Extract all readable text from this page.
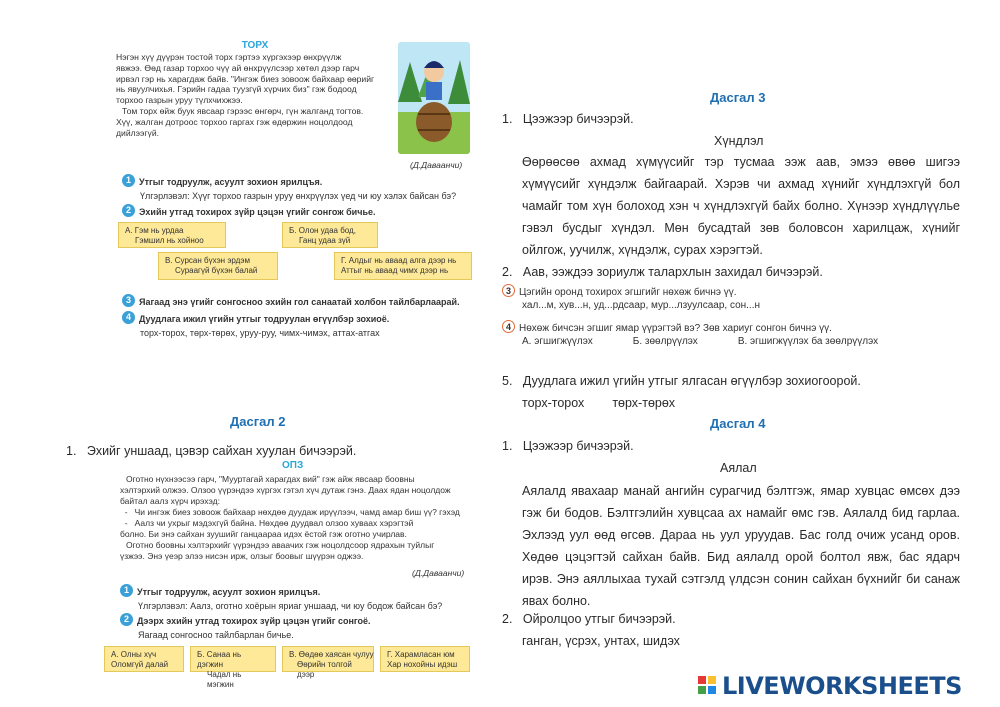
ТОРХ
Нэгэн хүү дүүрэн тостой торх гэртээ хүргэхээр өнхрүүлж
явжээ. Өөд газар торхоо чүү ай өнхрүүлсээр хөтөл дээр гарч
ирвэл гэр нь харагдаж байв. "Ингэж биез зовоож байхаар өөрийг
нь явуулчихья. Гэрийн гадаа туузгүй хүрчих биз" гэж бодоод
торхоо газрын уруу түлхчихжээ.
Том торх өйж буук явсаар гэрээс өнгөрч, гүн жалганд тогтов.
Хүү, жалган дотроос торхоо гаргах гэж өдөржин ноцолдоод
дийлээгүй.
(Д.Даваанчи)
1 Утгыг тодруулж, асуулт зохион ярилцъя.
Үлгэрлэвэл: Хүүг торхоо газрын уруу өнхрүүлэх үед чи юу хэлэх байсан бэ?
2 Эхийн утгад тохирох зүйр цэцэн үгийг сонгож бичье.
А. Гэм нь урдаа
Гэмшил нь хойноо
Б. Олон удаа бод,
Ганц удаа зүй
В. Сурсан бүхэн эрдэм
Сураагүй бүхэн балай
Г. Алдыг нь аваад алга дээр нь
Аттыг нь аваад чимх дээр нь
3 Яагаад энэ үгийг сонгосноо эхийн гол санаатай холбон тайлбарлаарай.
4 Дуудлага ижил үгийн утгыг тодруулан өгүүлбэр зохиоё.
торх-торох, төрх-төрөх, уруу-руу, чимх-чимэх, аттах-атгах
Дасгал 2
1.   Эхийг уншаад, цэвэр сайхан хуулан бичээрэй.
ОПЗ
Оготно нүхнээсээ гарч, "Мууртагай харагдах вий" гэж айж явсаар боовны
хэлтэрхий олжээ. Олзоо үүрэндээ хүргэх гэтэл хүч дутаж гэнэ. Даах ядан ноцолдож
байтал аалз хүрч ирэхэд:
-   Чи ингэж биез зовоож байхаар нөхдөө дуудаж ирүүлээч, чамд амар биш үү? гэхэд
-   Аалз чи ухрыг мэдэхгүй байна. Нөхдөө дуудвал олзоо хуваах хэрэгтэй
болно. Би энэ сайхан зуушийг ганцаараа идэх ёстой гэж оготно учирлав.
Оготно боовны хэлтэрхийг үүрэндээ аваачих гэж ноцолдсоор ядрахын туйлыг
үзжээ. Энэ үеэр элээ нисэн ирж, олзыг боовыг шүүрэн оджээ.
(Д.Даваанчи)
1 Утгыг тодруулж, асуулт зохион ярилцъя.
Үлгэрлэвэл: Аалз, оготно хоёрын яриаг уншаад, чи юу бодож байсан бэ?
2 Дээрх эхийн утгад тохирох зүйр цэцэн үгийг сонгоё.
Яагаад сонгосноо тайлбарлан бичье.
А. Олны хүч
Оломгүй далай
Б. Санаа нь дэгжин
Чадал нь мэгжин
В. Өөдөө хаясан чулуу
Өөрийн толгой дээр
Г. Харамласан юм
Хар нохойны идэш
Дасгал 3
1.   Цээжээр бичээрэй.
Хүндлэл
Өөрөөсөө ахмад хүмүүсийг тэр тусмаа ээж аав, эмээ өвөө шигээ хүмүүсийг хүндэлж байгаарай. Хэрэв чи ахмад хүнийг хүндлэхгүй бол чамайг том хүн болоход хэн ч хүндлэхгүй байх болно. Хүнээр хүндлүүлье гэвэл бусдыг хүндэл. Мөн бусадтай зөв боловсон харилцаж, хүнийг ойлгож, уучилж, хүндэлж, сурах хэрэгтэй.
2.   Аав, ээждээ зориулж талархлын захидал бичээрэй.
3 Цэгийн оронд тохирох эгшгийг нөхөж бичнэ үү.
хал...м, хув...н, уд...рдсаар, мур...лзуулсаар, сон...н
4 Нөхөж бичсэн эгшиг ямар үүрэгтэй вэ? Зөв хариуг сонгон бичнэ үү.
А. эгшигжүүлэх	Б. зөөлрүүлэх	В. эгшигжүүлэх ба зөөлрүүлэх
5.   Дуудлага ижил үгийн утгыг ялгасан өгүүлбэр зохиогоорой.
торх-торох төрх-төрөх
Дасгал 4
1.   Цээжээр бичээрэй.
Аялал
Аялалд явахаар манай ангийн сурагчид бэлтгэж, ямар хувцас өмсөх дээ гэж би бодов. Бэлтгэлийн хувцсаа ах намайг өмс гэв. Аялалд бид гарлаа. Эхлээд уул өөд өгсөв. Дараа нь уул уруудав. Бас голд очиж усанд оров. Хөдөө цэцэгтэй сайхан байв. Бид аялалд орой болтол явж, бас ядарч ирэв. Энэ аяллыхаа тухай сэтгэлд үлдсэн сонин сайхан бүхнийг би санаж явах болно.
2.   Ойролцоо утгыг бичээрэй.
ганган, үсрэх, унтах, шидэх
LIVEWORKSHEETS
